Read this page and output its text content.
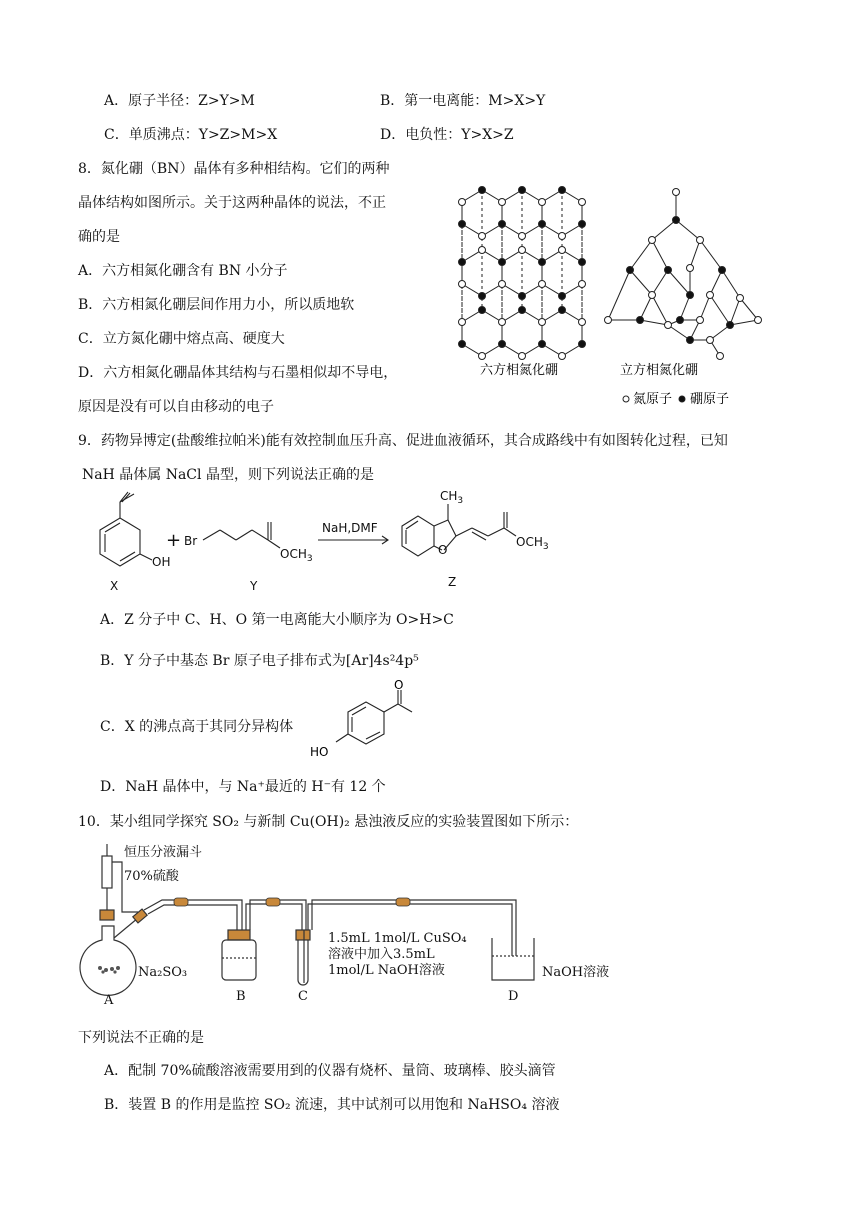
A．原子半径：Z>Y>M	B．第一电离能：M>X>Y
C．单质沸点：Y>Z>M>X	D．电负性：Y>X>Z
8．氮化硼（BN）晶体有多种相结构。它们的两种
晶体结构如图所示。关于这两种晶体的说法，不正
确的是
A．六方相氮化硼含有 BN 小分子
B．六方相氮化硼层间作用力小，所以质地软
C．立方氮化硼中熔点高、硬度大
D．六方相氮化硼晶体其结构与石墨相似却不导电，
原因是没有可以自由移动的电子
六方相氮化硼	立方相氮化硼
氮原子 硼原子
9．药物异博定(盐酸维拉帕米)能有效控制血压升高、促进血液循环，其合成路线中有如图转化过程，已知
NaH 晶体属 NaCl 晶型，则下列说法正确的是
OH
+ Br
$OCH_3$
NaH,DMF
O
$CH_3$
$OCH_3$
X	Y	Z
A．Z 分子中 C、H、O 第一电离能大小顺序为 O>H>C
B．Y 分子中基态 Br 原子电子排布式为[Ar]4s²4p⁵
C．X 的沸点高于其同分异构体
O
HO
D．NaH 晶体中，与 Na⁺最近的 H⁻有 12 个
10．某小组同学探究 SO₂ 与新制 Cu(OH)₂ 悬浊液反应的实验装置图如下所示：
恒压分液漏斗
70%硫酸
Na₂SO₃
1.5mL 1mol/L CuSO₄
溶液中加入3.5mL
1mol/L NaOH溶液	NaOH溶液
A	B	C	D
下列说法不正确的是
A．配制 70%硫酸溶液需要用到的仪器有烧杯、量筒、玻璃棒、胶头滴管
B．装置 B 的作用是监控 SO₂ 流速，其中试剂可以用饱和 NaHSO₄ 溶液
